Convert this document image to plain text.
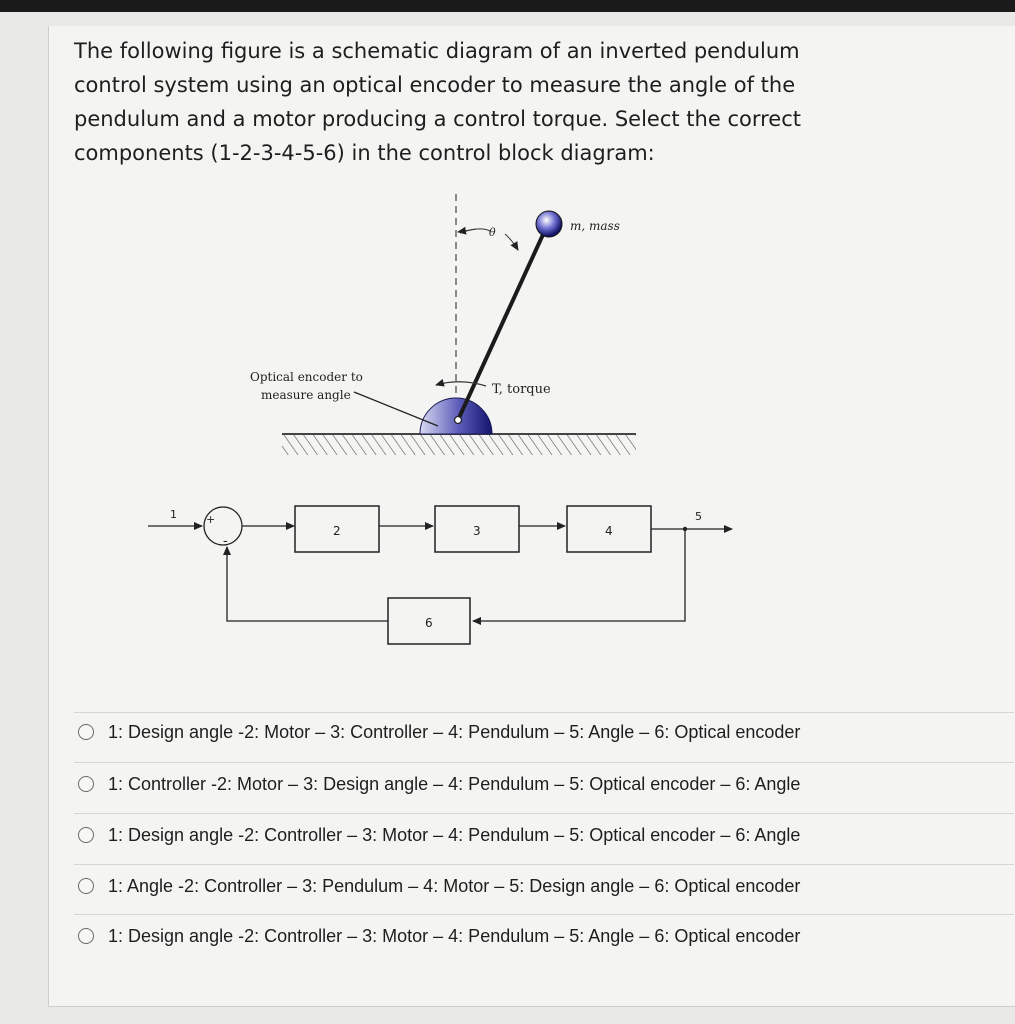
The following figure is a schematic diagram of an inverted pendulum control system using an optical encoder to measure the angle of the pendulum and a motor producing a control torque. Select the correct components (1-2-3-4-5-6) in the control block diagram:
m, mass
θ
T, torque
Optical encoder to
measure angle
1	+
-
2	3	4
5
6
1: Design angle -2: Motor – 3: Controller – 4: Pendulum – 5: Angle – 6: Optical encoder
1: Controller -2: Motor – 3: Design angle – 4: Pendulum – 5: Optical encoder – 6: Angle
1: Design angle -2: Controller – 3: Motor – 4: Pendulum – 5: Optical encoder – 6: Angle
1: Angle -2: Controller – 3: Pendulum – 4: Motor – 5: Design angle – 6: Optical encoder
1: Design angle -2: Controller – 3: Motor – 4: Pendulum – 5: Angle – 6: Optical encoder
